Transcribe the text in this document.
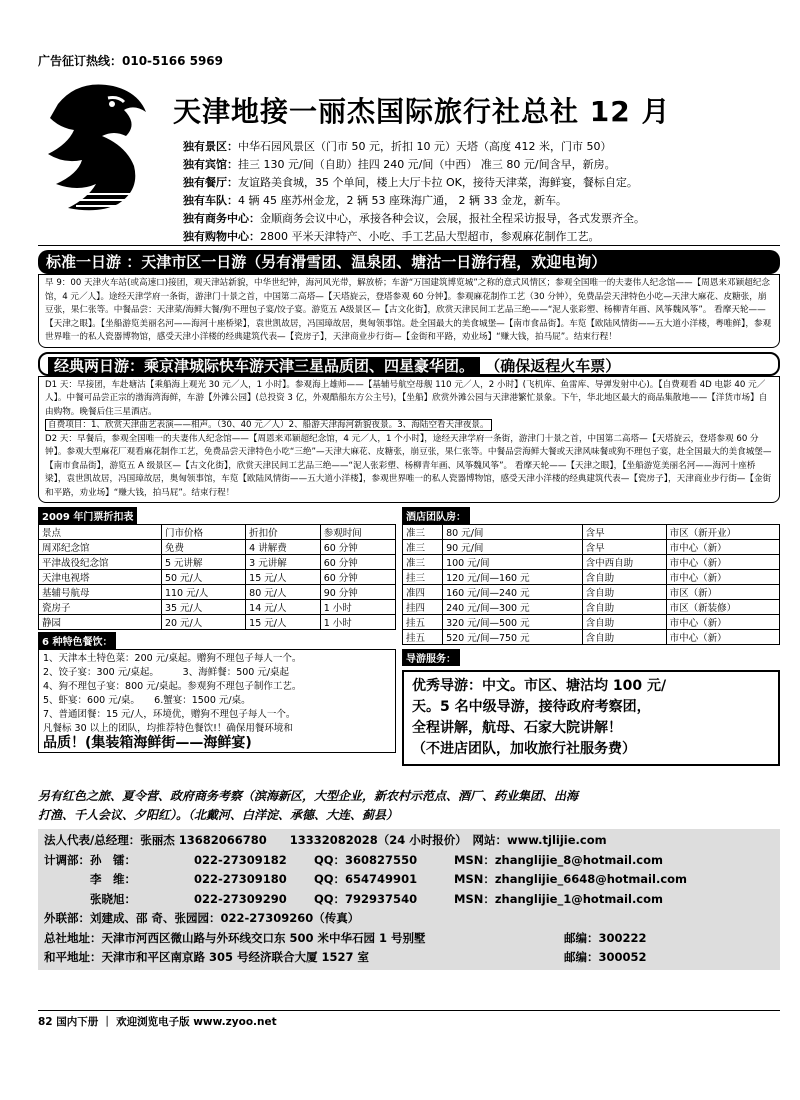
广告征订热线：010-5166 5969
天津地接一丽杰国际旅行社总社 12 月
独有景区：中华石园风景区（门市 50 元，折扣 10 元）天塔（高度 412 米，门市 50）
独有宾馆：挂三 130 元/间（自助）挂四 240 元/间（中西） 准三 80 元/间含早，新房。
独有餐厅：友谊路美食城，35 个单间，楼上大厅卡拉 OK，接待天津菜，海鲜宴，餐标自定。
独有车队：4 辆 45 座苏州金龙，2 辆 53 座珠海广通， 2 辆 33 金龙，新车。
独有商务中心：金顺商务会议中心，承接各种会议，会展，报社全程采访报导，各式发票齐全。
独有购物中心：2800 平米天津特产、小吃、手工艺品大型超市，参观麻花制作工艺。
标准一日游 ：天津市区一日游（另有滑雪团、温泉团、塘沽一日游行程，欢迎电询）

早 9：00 天津火车站(或高速口)接团，观天津站新貌，中华世纪钟，海河风光带，解放桥；车游“万国建筑博览城”之称的意式风情区；参观全国唯一的夫妻伟人纪念馆——【周恩来邓颖超纪念馆，4 元／人】。途经天津学府一条街，游津门十景之首，中国第二高塔—【天塔旋云，登塔参观 60 分钟】。参观麻花制作工艺（30 分钟），免费品尝天津特色小吃—天津大麻花、皮糖张，崩豆张，果仁张等。中餐品尝：天津菜/海鲜大餐/狗不理包子宴/饺子宴。游览五 A级景区—【古文化街】，欣赏天津民间工艺品三绝——“泥人张彩塑、杨柳青年画、风筝魏风筝”。 看摩天轮——【天津之眼】。【坐船游览美丽名河——海河十座桥梁】，袁世凯故居，冯国璋故居，奥匈领事馆。赴全国最大的美食城堡—【南市食品街】。车览【欧陆风情街——五大道小洋楼，粤唯鲜】，参观世界唯一的私人瓷器博物馆，感受天津小洋楼的经典建筑代表—【瓷房子】，天津商业步行街—【金街和平路，劝业场】“赚大钱，拍马屁”。结束行程！

经典两日游：乘京津城际快车游天津三星品质团、四星豪华团。 （确保返程火车票）

D1 天：早接团，车赴塘沽【乘船海上观光 30 元／人，1 小时】。参观海上雄师——【基辅号航空母舰 110 元／人，2 小时】(飞机库、鱼雷库、导弹发射中心)。【自费观看 4D 电影 40 元／人】。中餐可品尝正宗的渤海湾海鲜，车游【外滩公园】(总投资 3 亿，外观酷船东方公主号)，【坐船】欣赏外滩公园与天津港繁忙景象。下午，华北地区最大的商品集散地——【洋货市场】自由购物。晚餐后住三星酒店。

自费项目：1、欣赏天津曲艺表演——相声。（30、40 元／人）2、船游天津海河新貌夜景。3、海陆空看天津夜景。

D2 天：早餐后，参观全国唯一的夫妻伟人纪念馆——【周恩来邓颖超纪念馆，4 元／人，1 个小时】，途经天津学府一条街，游津门十景之首，中国第二高塔—【天塔旋云，登塔参观 60 分钟】。参观大型麻花厂观看麻花制作工艺，免费品尝天津特色小吃“三绝”—天津大麻花、皮糖张，崩豆张，果仁张等。中餐品尝海鲜大餐或天津风味餐或狗不理包子宴，赴全国最大的美食城堡—【南市食品街】，游览五 A 级景区—【古文化街】，欣赏天津民间工艺品三绝——“泥人张彩塑、杨柳青年画、风筝魏风筝”。 看摩天轮——【天津之眼】，【坐船游览美丽名河——海河十座桥梁】，袁世凯故居，冯国璋故居，奥匈领事馆，车览【欧陆风情街——五大道小洋楼】，参观世界唯一的私人瓷器博物馆，感受天津小洋楼的经典建筑代表—【瓷房子】，天津商业步行街—【金街和平路，劝业场】“赚大钱，拍马屁”。结束行程！

2009 年门票折扣表
景点	门市价格	折扣价	参观时间
周邓纪念馆	免费	4 讲解费	60 分钟
平津战役纪念馆	5 元讲解	3 元讲解	60 分钟
天津电视塔	50 元/人	15 元/人	60 分钟
基辅号航母	110 元/人	80 元/人	90 分钟
瓷房子	35 元/人	14 元/人	1 小时
静园	20 元/人	15 元/人	1 小时
6 种特色餐饮：
1、天津本土特色菜：200 元/桌起。赠狗不理包子每人一个。
2、饺子宴：300 元/桌起。　　　3、海鲜餐：500 元/桌起
4、狗不理包子宴：800 元/桌起。参观狗不理包子制作工艺。
5、虾宴：600 元/桌。　　6.蟹宴：1500 元/桌。
7、普通团餐：15 元/人，环境优，赠狗不理包子每人一个。
凡餐标 30 以上的团队，均推荐特色餐饮!！确保用餐环境和
品质！(集装箱海鲜街——海鲜宴)
酒店团队房：
准三	80 元/间	含早	市区（新开业）
准三	90 元/间	含早	市中心（新）
准三	100 元/间	含中西自助	市中心（新）
挂三	120 元/间—160 元	含自助	市中心（新）
准四	160 元/间—240 元	含自助	市区（新）
挂四	240 元/间—300 元	含自助	市区（新装修）
挂五	320 元/间—500 元	含自助	市中心（新）
挂五	520 元/间—750 元	含自助	市中心（新）
导游服务：
优秀导游：中文。市区、塘沽均 100 元/
天。5 名中级导游，接待政府考察团，
全程讲解，航母、石家大院讲解！
（不进店团队，加收旅行社服务费）
另有红色之旅、夏令营、政府商务考察（滨海新区，大型企业，新农村示范点、酒厂、药业集团、出海
打渔、千人会议、夕阳红）。（北戴河、白洋淀、承德、大连、蓟县）
法人代表/总经理：张丽杰 13682066780　　13332082028（24 小时报价）　网站：www.tjlijie.com
计调部：孙　镭：	022-27309182	QQ：360827550	MSN：zhanglijie_8@hotmail.com
　　　　李　维：	022-27309180	QQ：654749901	MSN：zhanglijie_6648@hotmail.com
　　　　张晓旭：	022-27309290	QQ：792937540	MSN：zhanglijie_1@hotmail.com
外联部：刘建成、邵 奇、张园园：022-27309260（传真）
总社地址：天津市河西区微山路与外环线交口东 500 米中华石园 1 号别墅	邮编：300222
和平地址：天津市和平区南京路 305 号经济联合大厦 1527 室	邮编：300052
82 国内下册 ｜ 欢迎浏览电子版 www.zyoo.net
